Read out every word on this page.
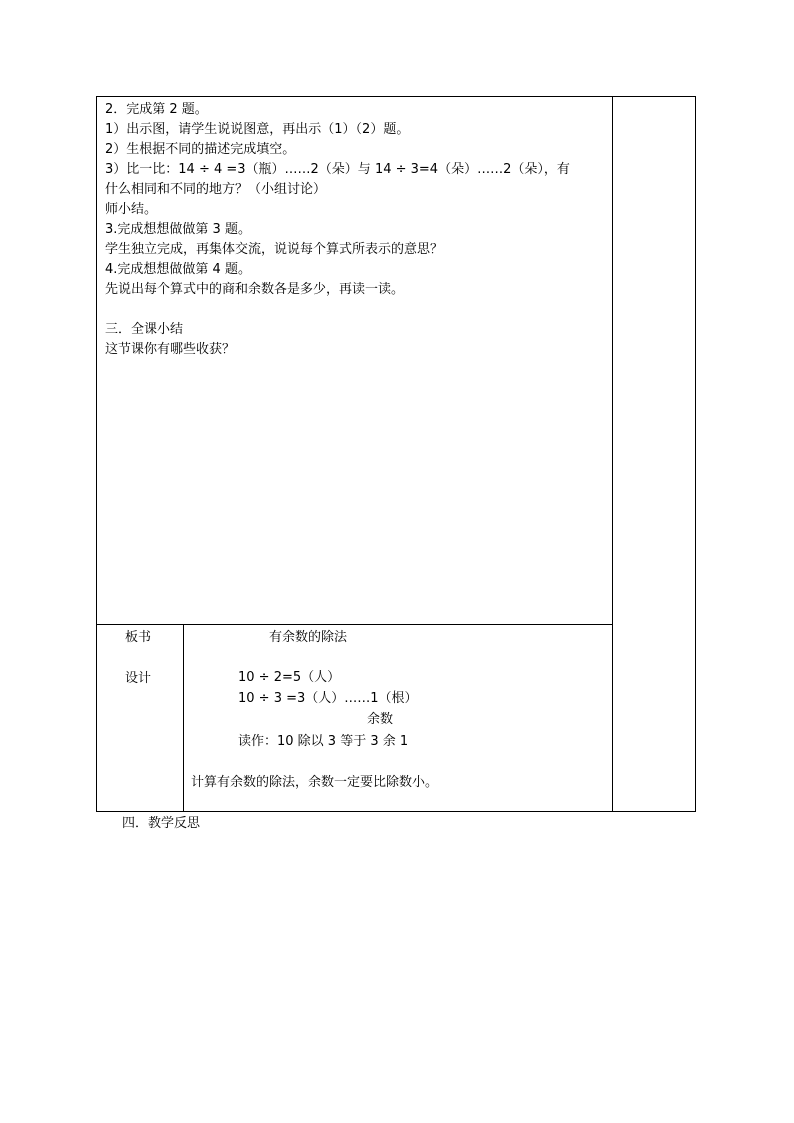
2．完成第 2 题。
1）出示图，请学生说说图意，再出示（1）（2）题。
2）生根据不同的描述完成填空。
3）比一比：14 ÷ 4 =3（瓶）……2（朵）与 14 ÷ 3=4（朵）……2（朵），有
什么相同和不同的地方？（小组讨论）
师小结。
3.完成想想做做第 3 题。
学生独立完成，再集体交流，说说每个算式所表示的意思？
4.完成想想做做第 4 题。
先说出每个算式中的商和余数各是多少，再读一读。
三．全课小结
这节课你有哪些收获？
板书
设计
有余数的除法
10 ÷ 2=5（人）
10 ÷ 3 =3（人）……1（根）
余数
读作：10 除以 3 等于 3 余 1
计算有余数的除法，余数一定要比除数小。
四．教学反思
